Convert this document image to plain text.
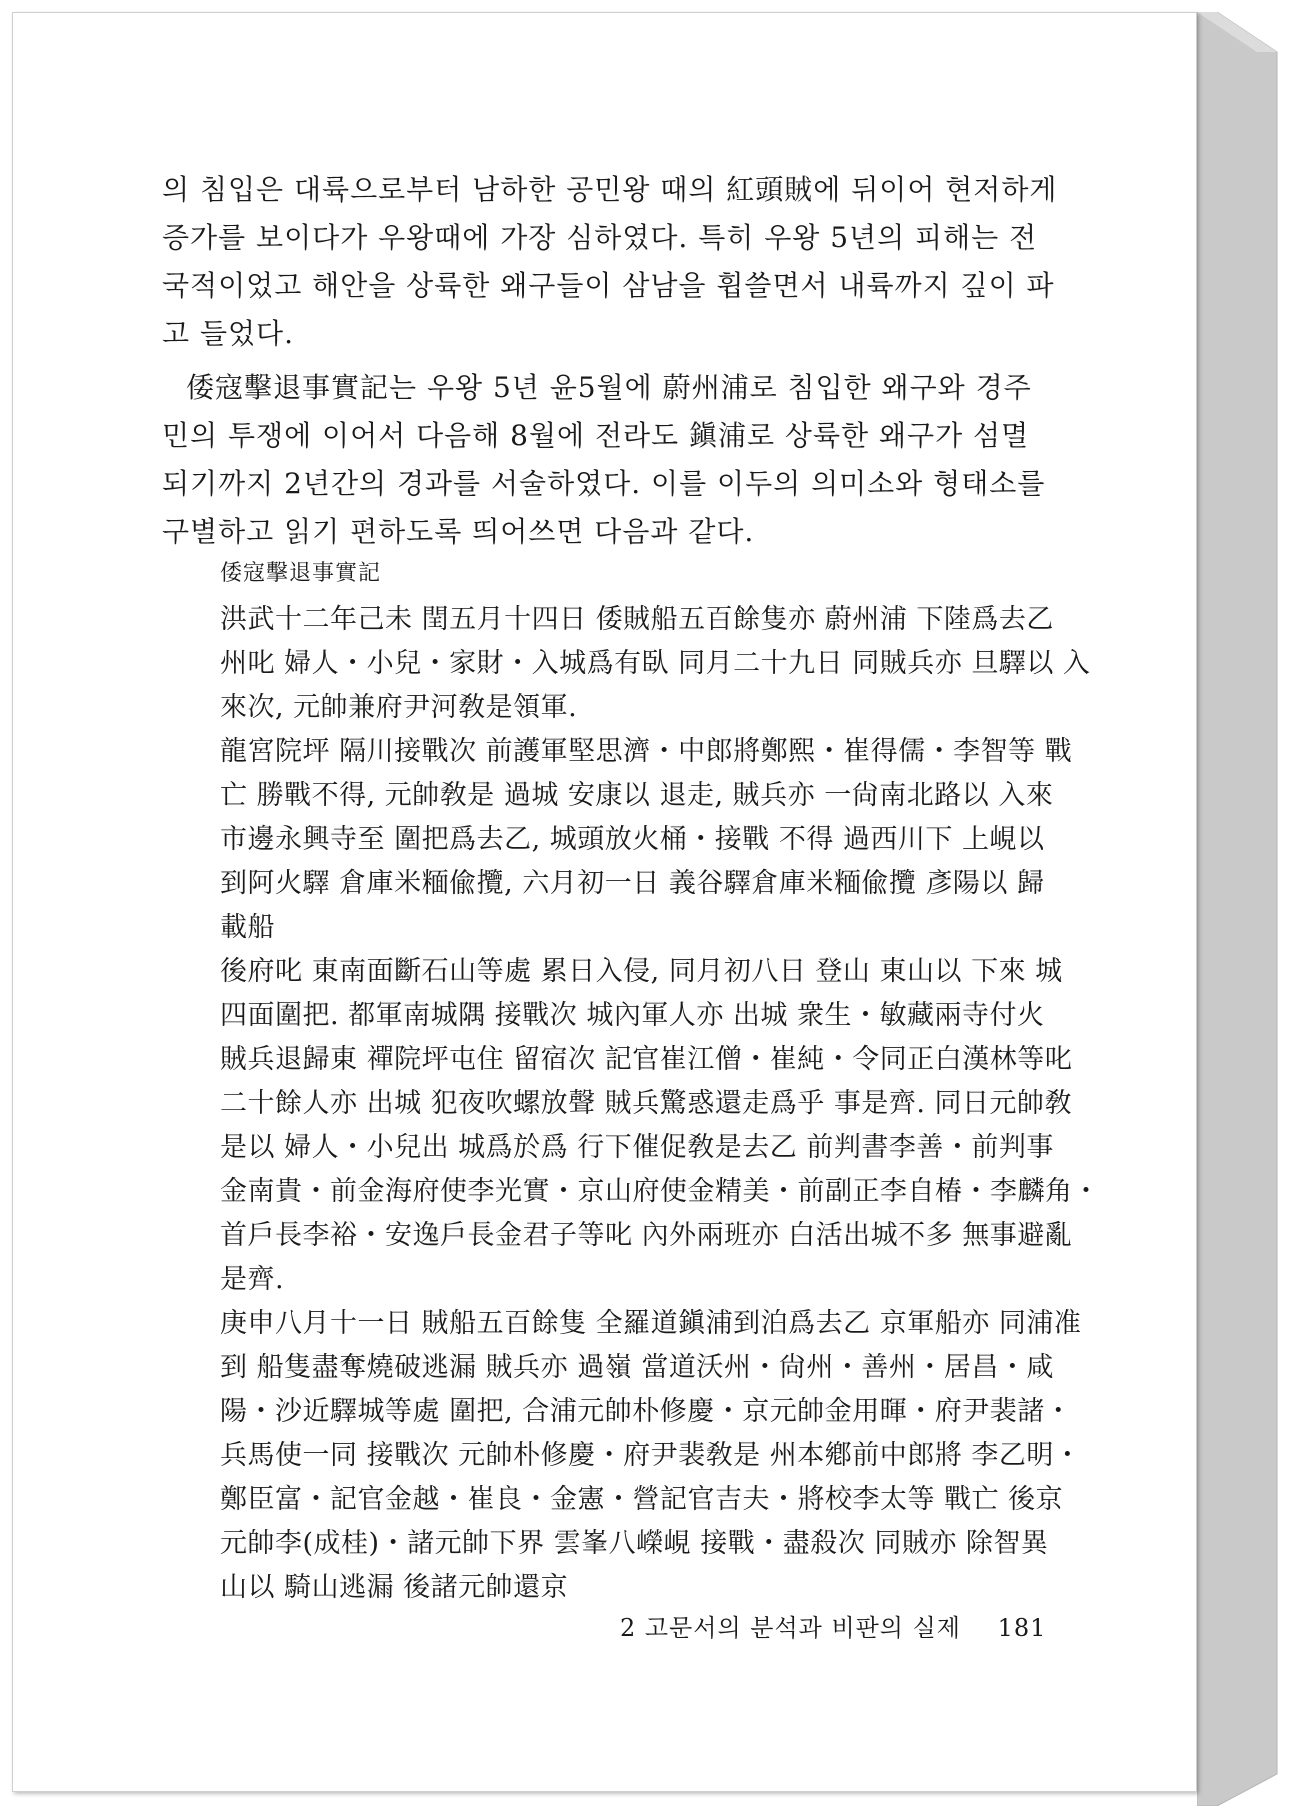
의 침입은 대륙으로부터 남하한 공민왕 때의 紅頭賊에 뒤이어 현저하게

증가를 보이다가 우왕때에 가장 심하였다. 특히 우왕 5년의 피해는 전

국적이었고 해안을 상륙한 왜구들이 삼남을 휩쓸면서 내륙까지 깊이 파

고 들었다.

倭寇擊退事實記는 우왕 5년 윤5월에 蔚州浦로 침입한 왜구와 경주

민의 투쟁에 이어서 다음해 8월에 전라도 鎭浦로 상륙한 왜구가 섬멸

되기까지 2년간의 경과를 서술하였다. 이를 이두의 의미소와 형태소를

구별하고 읽기 편하도록 띄어쓰면 다음과 같다.

倭寇擊退事實記

洪武十二年己未 閏五月十四日 倭賊船五百餘隻亦 蔚州浦 下陸爲去乙

州叱 婦人・小兒・家財・入城爲有臥 同月二十九日 同賊兵亦 旦驛以 入

來次, 元帥兼府尹河敎是領軍.

龍宮院坪 隔川接戰次 前護軍堅思濟・中郎將鄭熙・崔得儒・李智等 戰

亡 勝戰不得, 元帥敎是 過城 安康以 退走, 賊兵亦 一尙南北路以 入來

市邊永興寺至 圍把爲去乙, 城頭放火桶・接戰 不得 過西川下 上峴以

到阿火驛 倉庫米糆偸攬, 六月初一日 義谷驛倉庫米糆偸攬 彥陽以 歸

載船

後府叱 東南面斷石山等處 累日入侵, 同月初八日 登山 東山以 下來 城

四面圍把. 都軍南城隅 接戰次 城內軍人亦 出城 衆生・敏藏兩寺付火

賊兵退歸東 禪院坪屯住 留宿次 記官崔江僧・崔純・令同正白漢林等叱

二十餘人亦 出城 犯夜吹螺放聲 賊兵驚惑還走爲乎 事是齊. 同日元帥敎

是以 婦人・小兒出 城爲於爲 行下催促敎是去乙 前判書李善・前判事

金南貴・前金海府使李光實・京山府使金精美・前副正李自椿・李麟角・

首戶長李裕・安逸戶長金君子等叱 內外兩班亦 白活出城不多 無事避亂

是齊.

庚申八月十一日 賊船五百餘隻 全羅道鎭浦到泊爲去乙 京軍船亦 同浦准

到 船隻盡奪燒破逃漏 賊兵亦 過嶺 當道沃州・尙州・善州・居昌・咸

陽・沙近驛城等處 圍把, 合浦元帥朴修慶・京元帥金用暉・府尹裴諸・

兵馬使一同 接戰次 元帥朴修慶・府尹裴敎是 州本鄕前中郎將 李乙明・

鄭臣富・記官金越・崔良・金憲・營記官吉夫・將校李太等 戰亡 後京

元帥李(成桂)・諸元帥下界 雲峯八嶸峴 接戰・盡殺次 同賊亦 除智異

山以 騎山逃漏 後諸元帥還京

2 고문서의 분석과 비판의 실제 181
